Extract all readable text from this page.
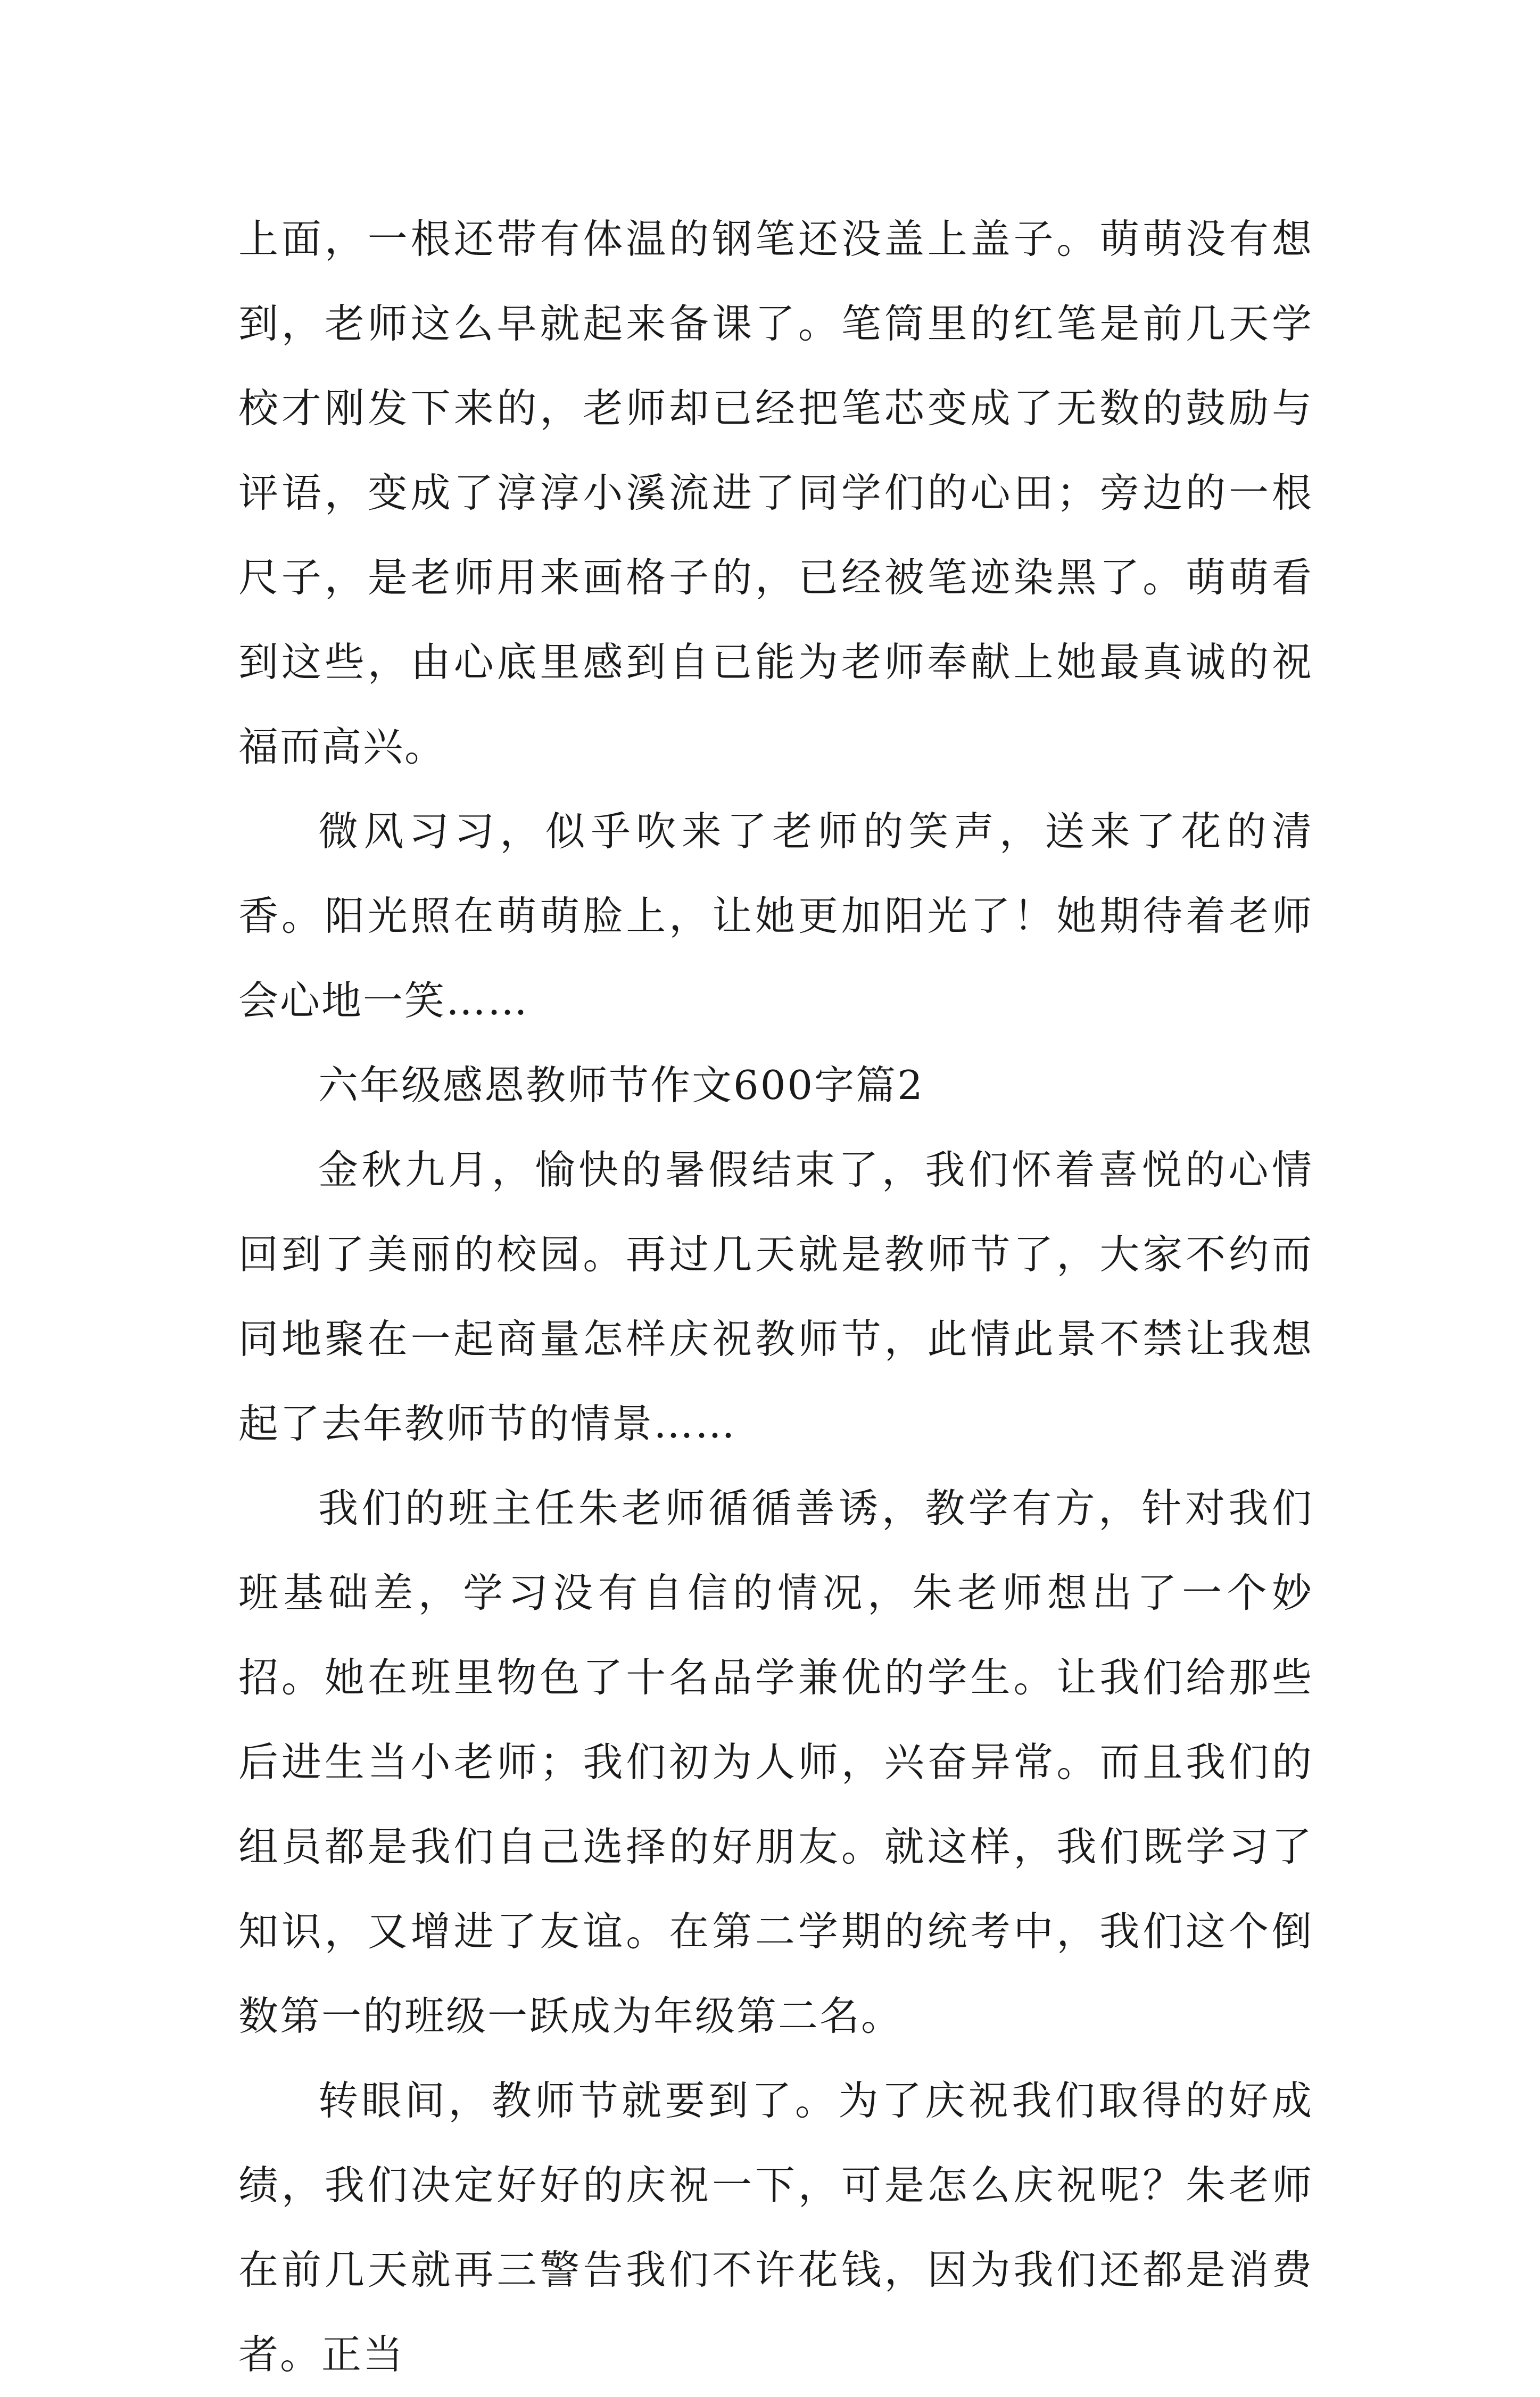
上面，一根还带有体温的钢笔还没盖上盖子。萌萌没有想到，老师这么早就起来备课了。笔筒里的红笔是前几天学校才刚发下来的，老师却已经把笔芯变成了无数的鼓励与评语，变成了淳淳小溪流进了同学们的心田；旁边的一根尺子，是老师用来画格子的，已经被笔迹染黑了。萌萌看到这些，由心底里感到自已能为老师奉献上她最真诚的祝福而高兴。

微风习习，似乎吹来了老师的笑声，送来了花的清香。阳光照在萌萌脸上，让她更加阳光了！她期待着老师会心地一笑……

六年级感恩教师节作文600字篇2

金秋九月，愉快的暑假结束了，我们怀着喜悦的心情回到了美丽的校园。再过几天就是教师节了，大家不约而同地聚在一起商量怎样庆祝教师节，此情此景不禁让我想起了去年教师节的情景……

我们的班主任朱老师循循善诱，教学有方，针对我们班基础差，学习没有自信的情况，朱老师想出了一个妙招。她在班里物色了十名品学兼优的学生。让我们给那些后进生当小老师；我们初为人师，兴奋异常。而且我们的组员都是我们自己选择的好朋友。就这样，我们既学习了知识，又增进了友谊。在第二学期的统考中，我们这个倒数第一的班级一跃成为年级第二名。

转眼间，教师节就要到了。为了庆祝我们取得的好成绩，我们决定好好的庆祝一下，可是怎么庆祝呢？朱老师在前几天就再三警告我们不许花钱，因为我们还都是消费者。正当
